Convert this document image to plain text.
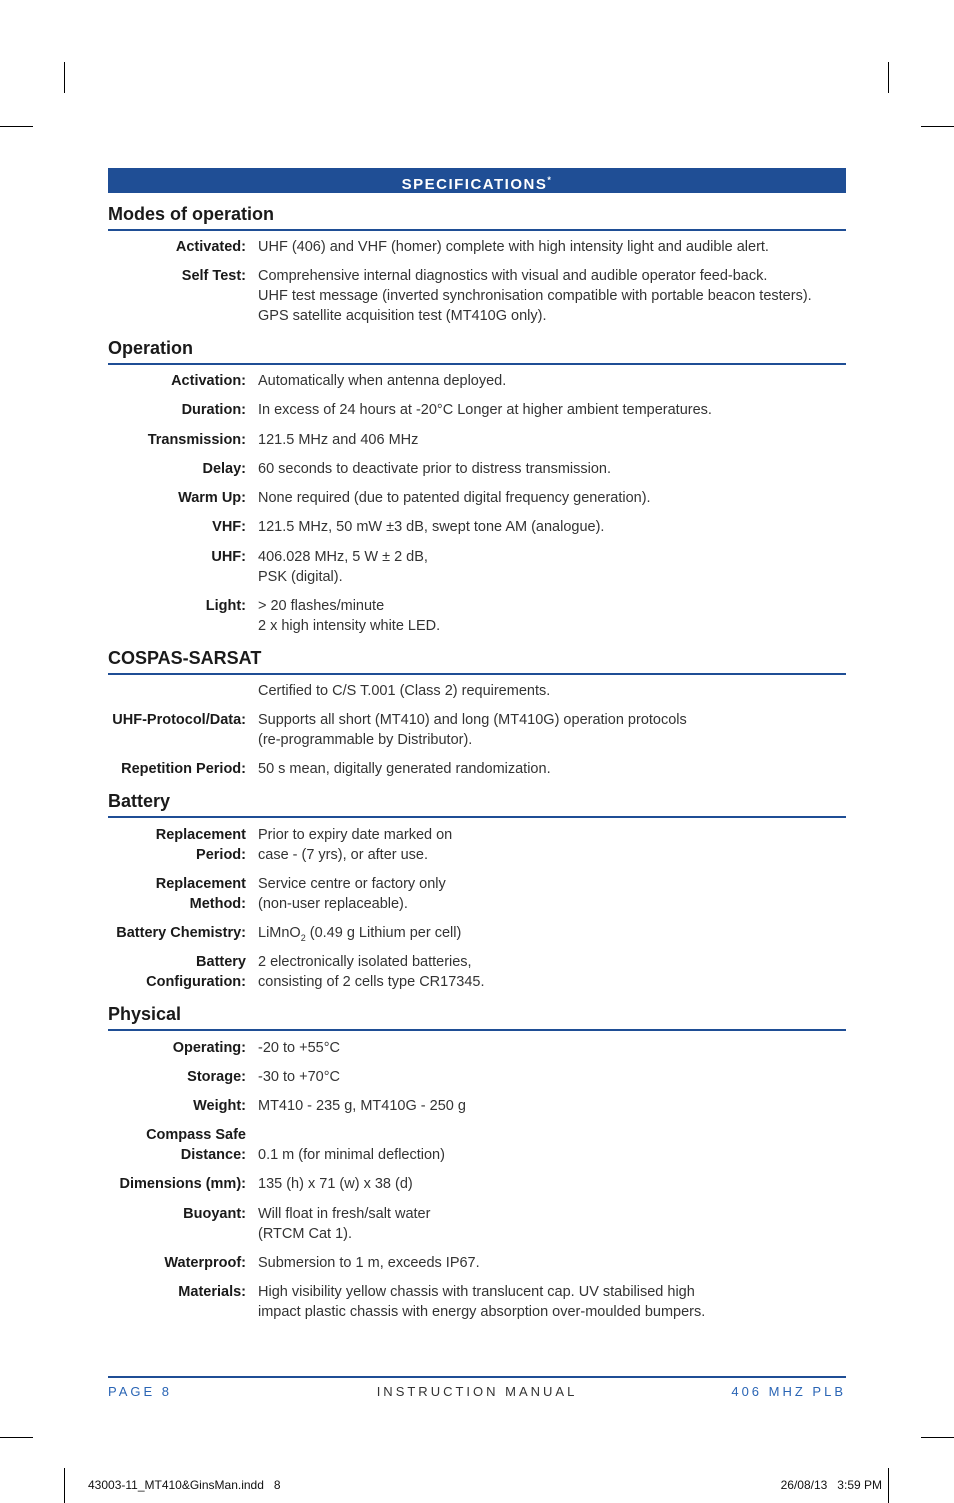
SPECIFICATIONS*
Modes of operation
Activated: UHF (406) and VHF (homer) complete with high intensity light and audible alert.
Self Test: Comprehensive internal diagnostics with visual and audible operator feed-back.
UHF test message (inverted synchronisation compatible with portable beacon testers).
GPS satellite acquisition test (MT410G only).
Operation
Activation: Automatically when antenna deployed.
Duration: In excess of 24 hours at -20°C Longer at higher ambient temperatures.
Transmission: 121.5 MHz and 406 MHz
Delay: 60 seconds to deactivate prior to distress transmission.
Warm Up: None required (due to patented digital frequency generation).
VHF: 121.5 MHz, 50 mW ±3 dB, swept tone AM (analogue).
UHF: 406.028 MHz, 5 W ± 2 dB,
PSK (digital).
Light: > 20 flashes/minute
2 x high intensity white LED.
COSPAS-SARSAT
Certified to C/S T.001 (Class 2) requirements.
UHF-Protocol/Data: Supports all short (MT410) and long (MT410G) operation protocols
(re-programmable by Distributor).
Repetition Period: 50 s mean, digitally generated randomization.
Battery
Replacement
Period:
Prior to expiry date marked on
case - (7 yrs), or after use.
Replacement
Method:
Service centre or factory only
(non-user replaceable).
Battery Chemistry: LiMnO$_2$ (0.49 g Lithium per cell)
Battery
Configuration:
2 electronically isolated batteries,
consisting of 2 cells type CR17345.
Physical
Operating: -20 to +55°C
Storage: -30 to +70°C
Weight: MT410 - 235 g, MT410G - 250 g
Compass Safe
Distance: 0.1 m (for minimal deflection)
Dimensions (mm): 135 (h) x 71 (w) x 38 (d)
Buoyant: Will float in fresh/salt water
(RTCM Cat 1).
Waterproof: Submersion to 1 m, exceeds IP67.
Materials: High visibility yellow chassis with translucent cap. UV stabilised high
impact plastic chassis with energy absorption over-moulded bumpers.
PAGE 8	INSTRUCTION MANUAL	406 MHZ PLB
43003-11_MT410&GinsMan.indd   8	26/08/13   3:59 PM
